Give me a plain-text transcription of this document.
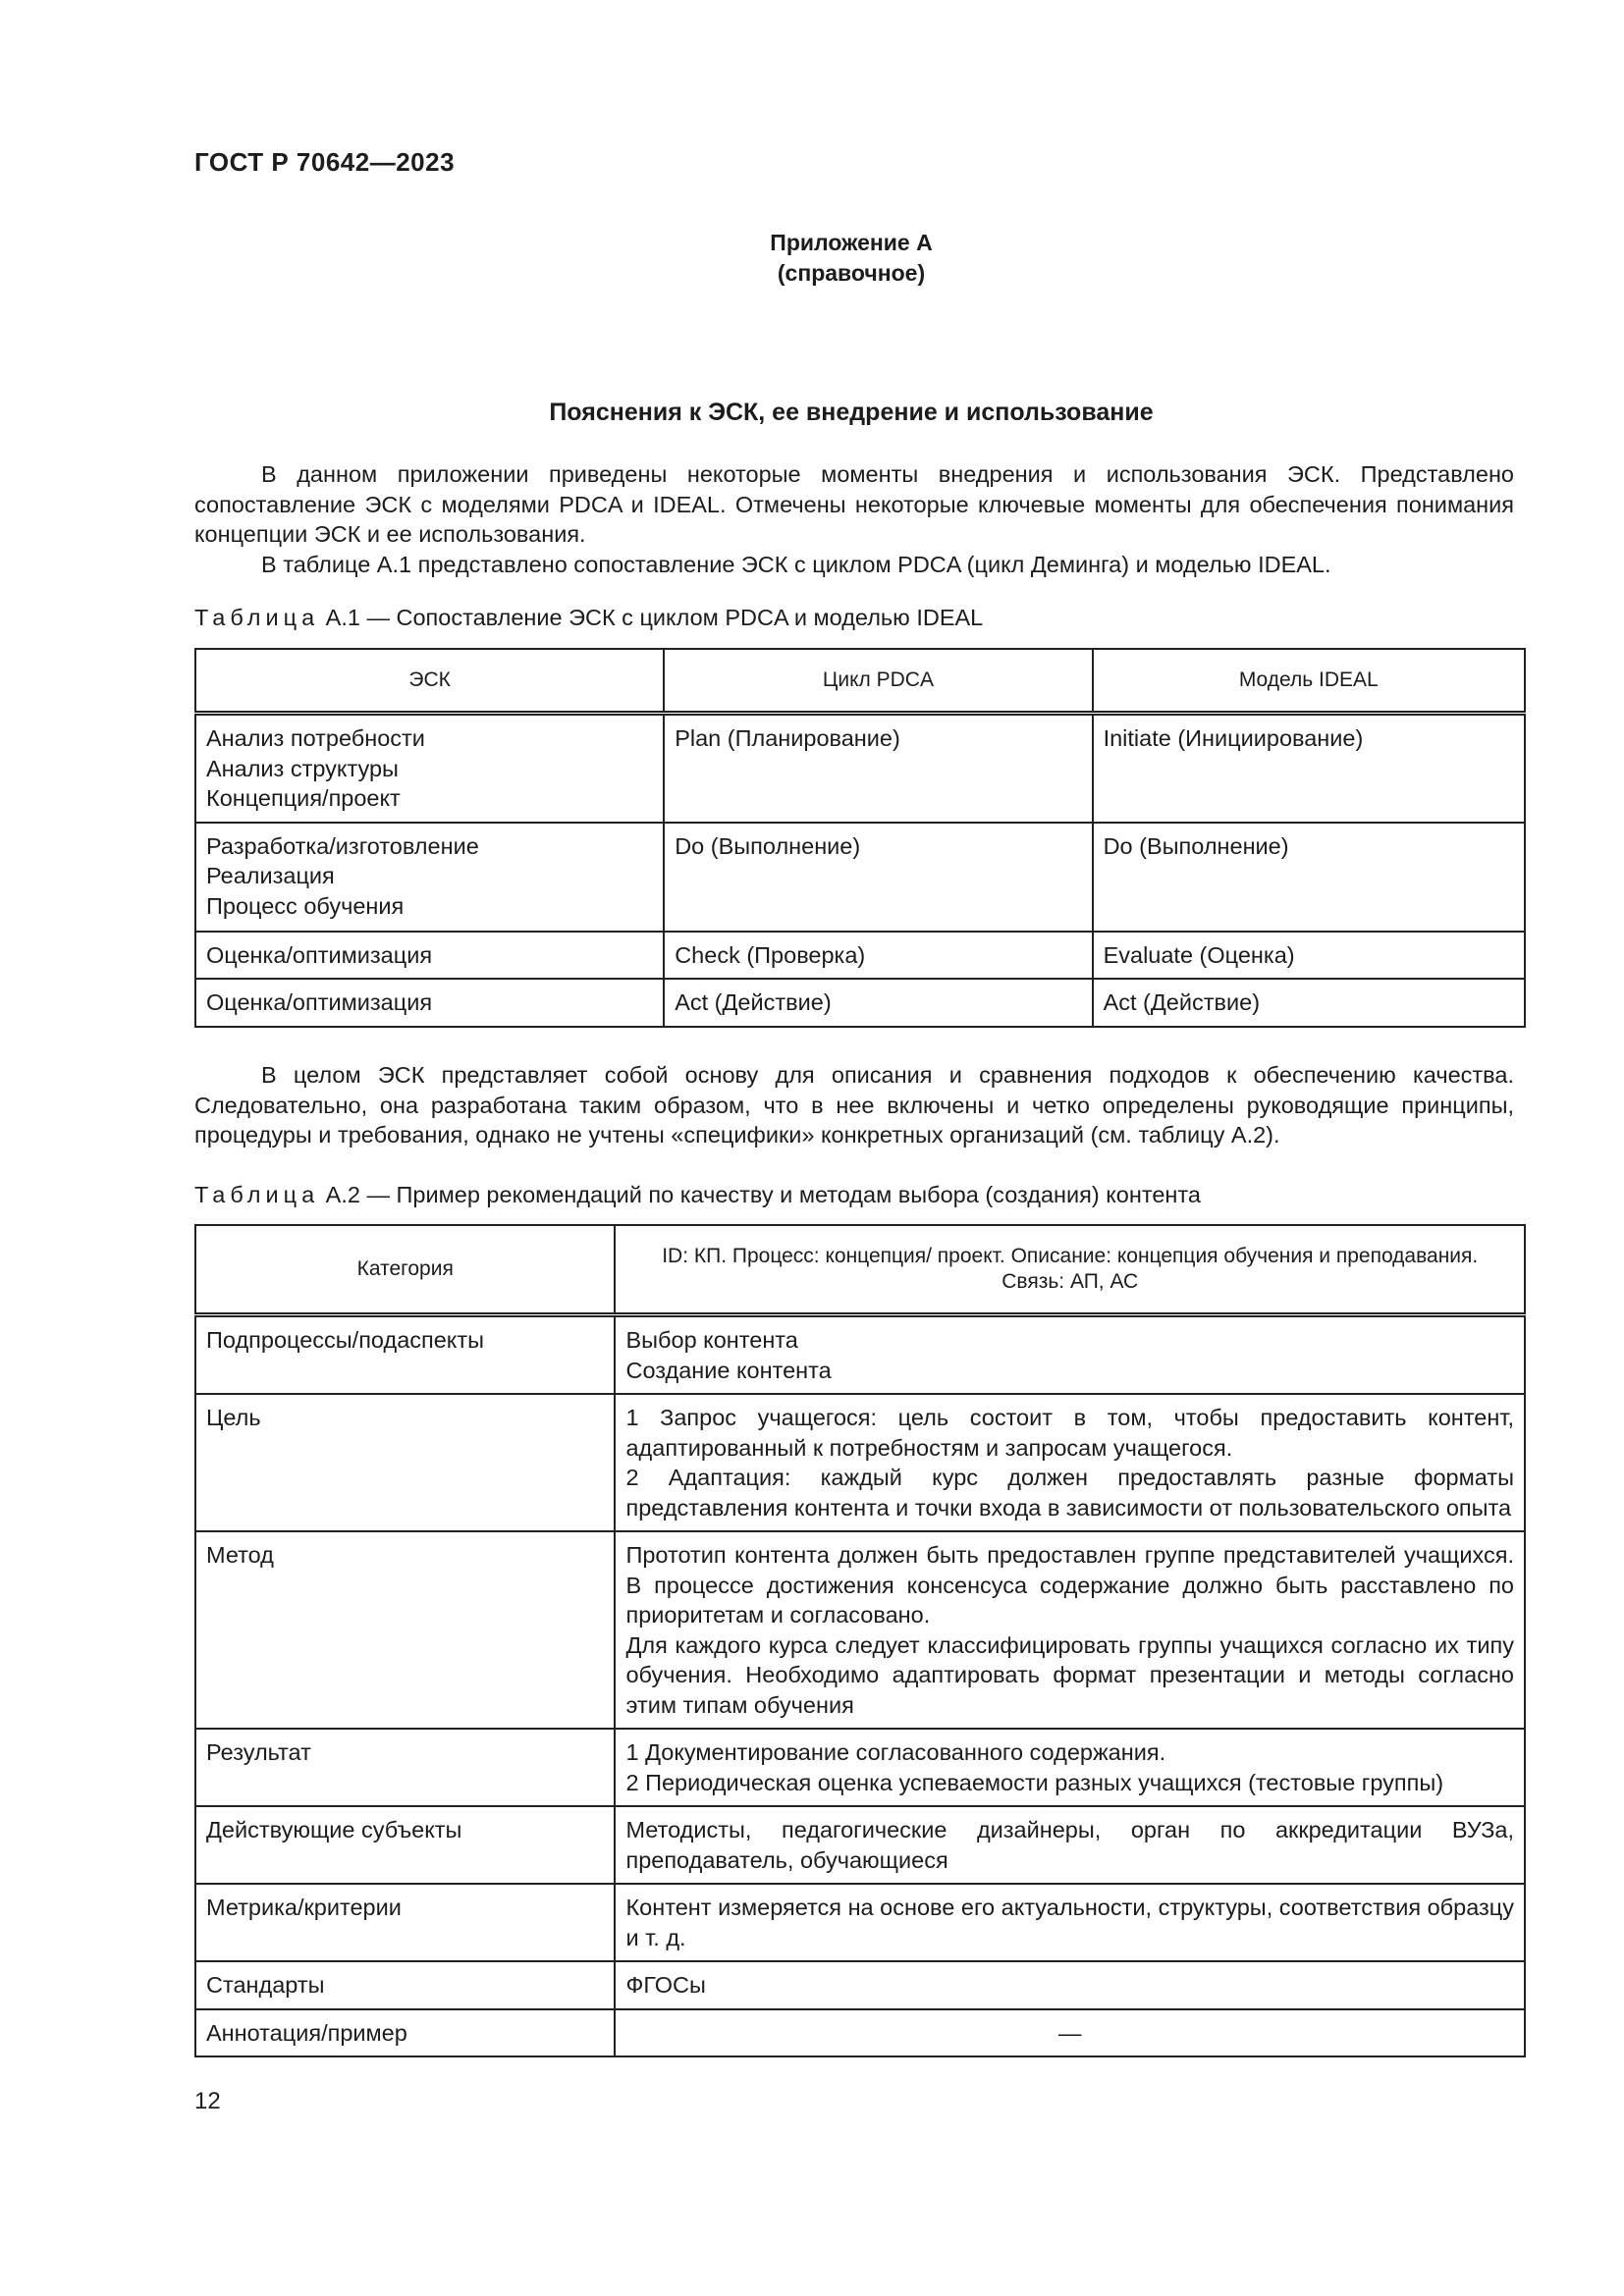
ГОСТ Р 70642—2023
Приложение А
(справочное)
Пояснения к ЭСК, ее внедрение и использование

В данном приложении приведены некоторые моменты внедрения и использования ЭСК. Представлено сопоставление ЭСК с моделями PDCA и IDEAL. Отмечены некоторые ключевые моменты для обеспечения понимания концепции ЭСК и ее использования.

В таблице А.1 представлено сопоставление ЭСК с циклом PDCA (цикл Деминга) и моделью IDEAL.

Таблица А.1 — Сопоставление ЭСК с циклом PDCA и моделью IDEAL
ЭСК	Цикл PDCA	Модель IDEAL

Анализ потребности
Анализ структуры
Концепция/проект	Plan (Планирование)	Initiate (Инициирование)

Разработка/изготовление
Реализация
Процесс обучения	Do (Выполнение)	Do (Выполнение)
Оценка/оптимизация	Check (Проверка)	Evaluate (Оценка)
Оценка/оптимизация	Act (Действие)	Act (Действие)

В целом ЭСК представляет собой основу для описания и сравнения подходов к обеспечению качества. Следовательно, она разработана таким образом, что в нее включены и четко определены руководящие принципы, процедуры и требования, однако не учтены «специфики» конкретных организаций (см. таблицу А.2).

Таблица А.2 — Пример рекомендаций по качеству и методам выбора (создания) контента
Категория	ID: КП. Процесс: концепция/ проект. Описание: концепция обучения и преподавания.
Связь: АП, АС

Подпроцессы/подаспекты	Выбор контента
Создание контента

Цель	1 Запрос учащегося: цель состоит в том, чтобы предоставить контент, адаптированный к потребностям и запросам учащегося.
2 Адаптация: каждый курс должен предоставлять разные форматы представления контента и точки входа в зависимости от пользовательского опыта

Метод	Прототип контента должен быть предоставлен группе представителей учащихся. В процессе достижения консенсуса содержание должно быть расставлено по приоритетам и согласовано.
Для каждого курса следует классифицировать группы учащихся согласно их типу обучения. Необходимо адаптировать формат презентации и методы согласно этим типам обучения

Результат	1 Документирование согласованного содержания.
2 Периодическая оценка успеваемости разных учащихся (тестовые группы)

Действующие субъекты	Методисты, педагогические дизайнеры, орган по аккредитации ВУЗа, преподаватель, обучающиеся
Метрика/критерии	Контент измеряется на основе его актуальности, структуры, соответствия образцу и т. д.
Стандарты	ФГОСы
Аннотация/пример	—
12
